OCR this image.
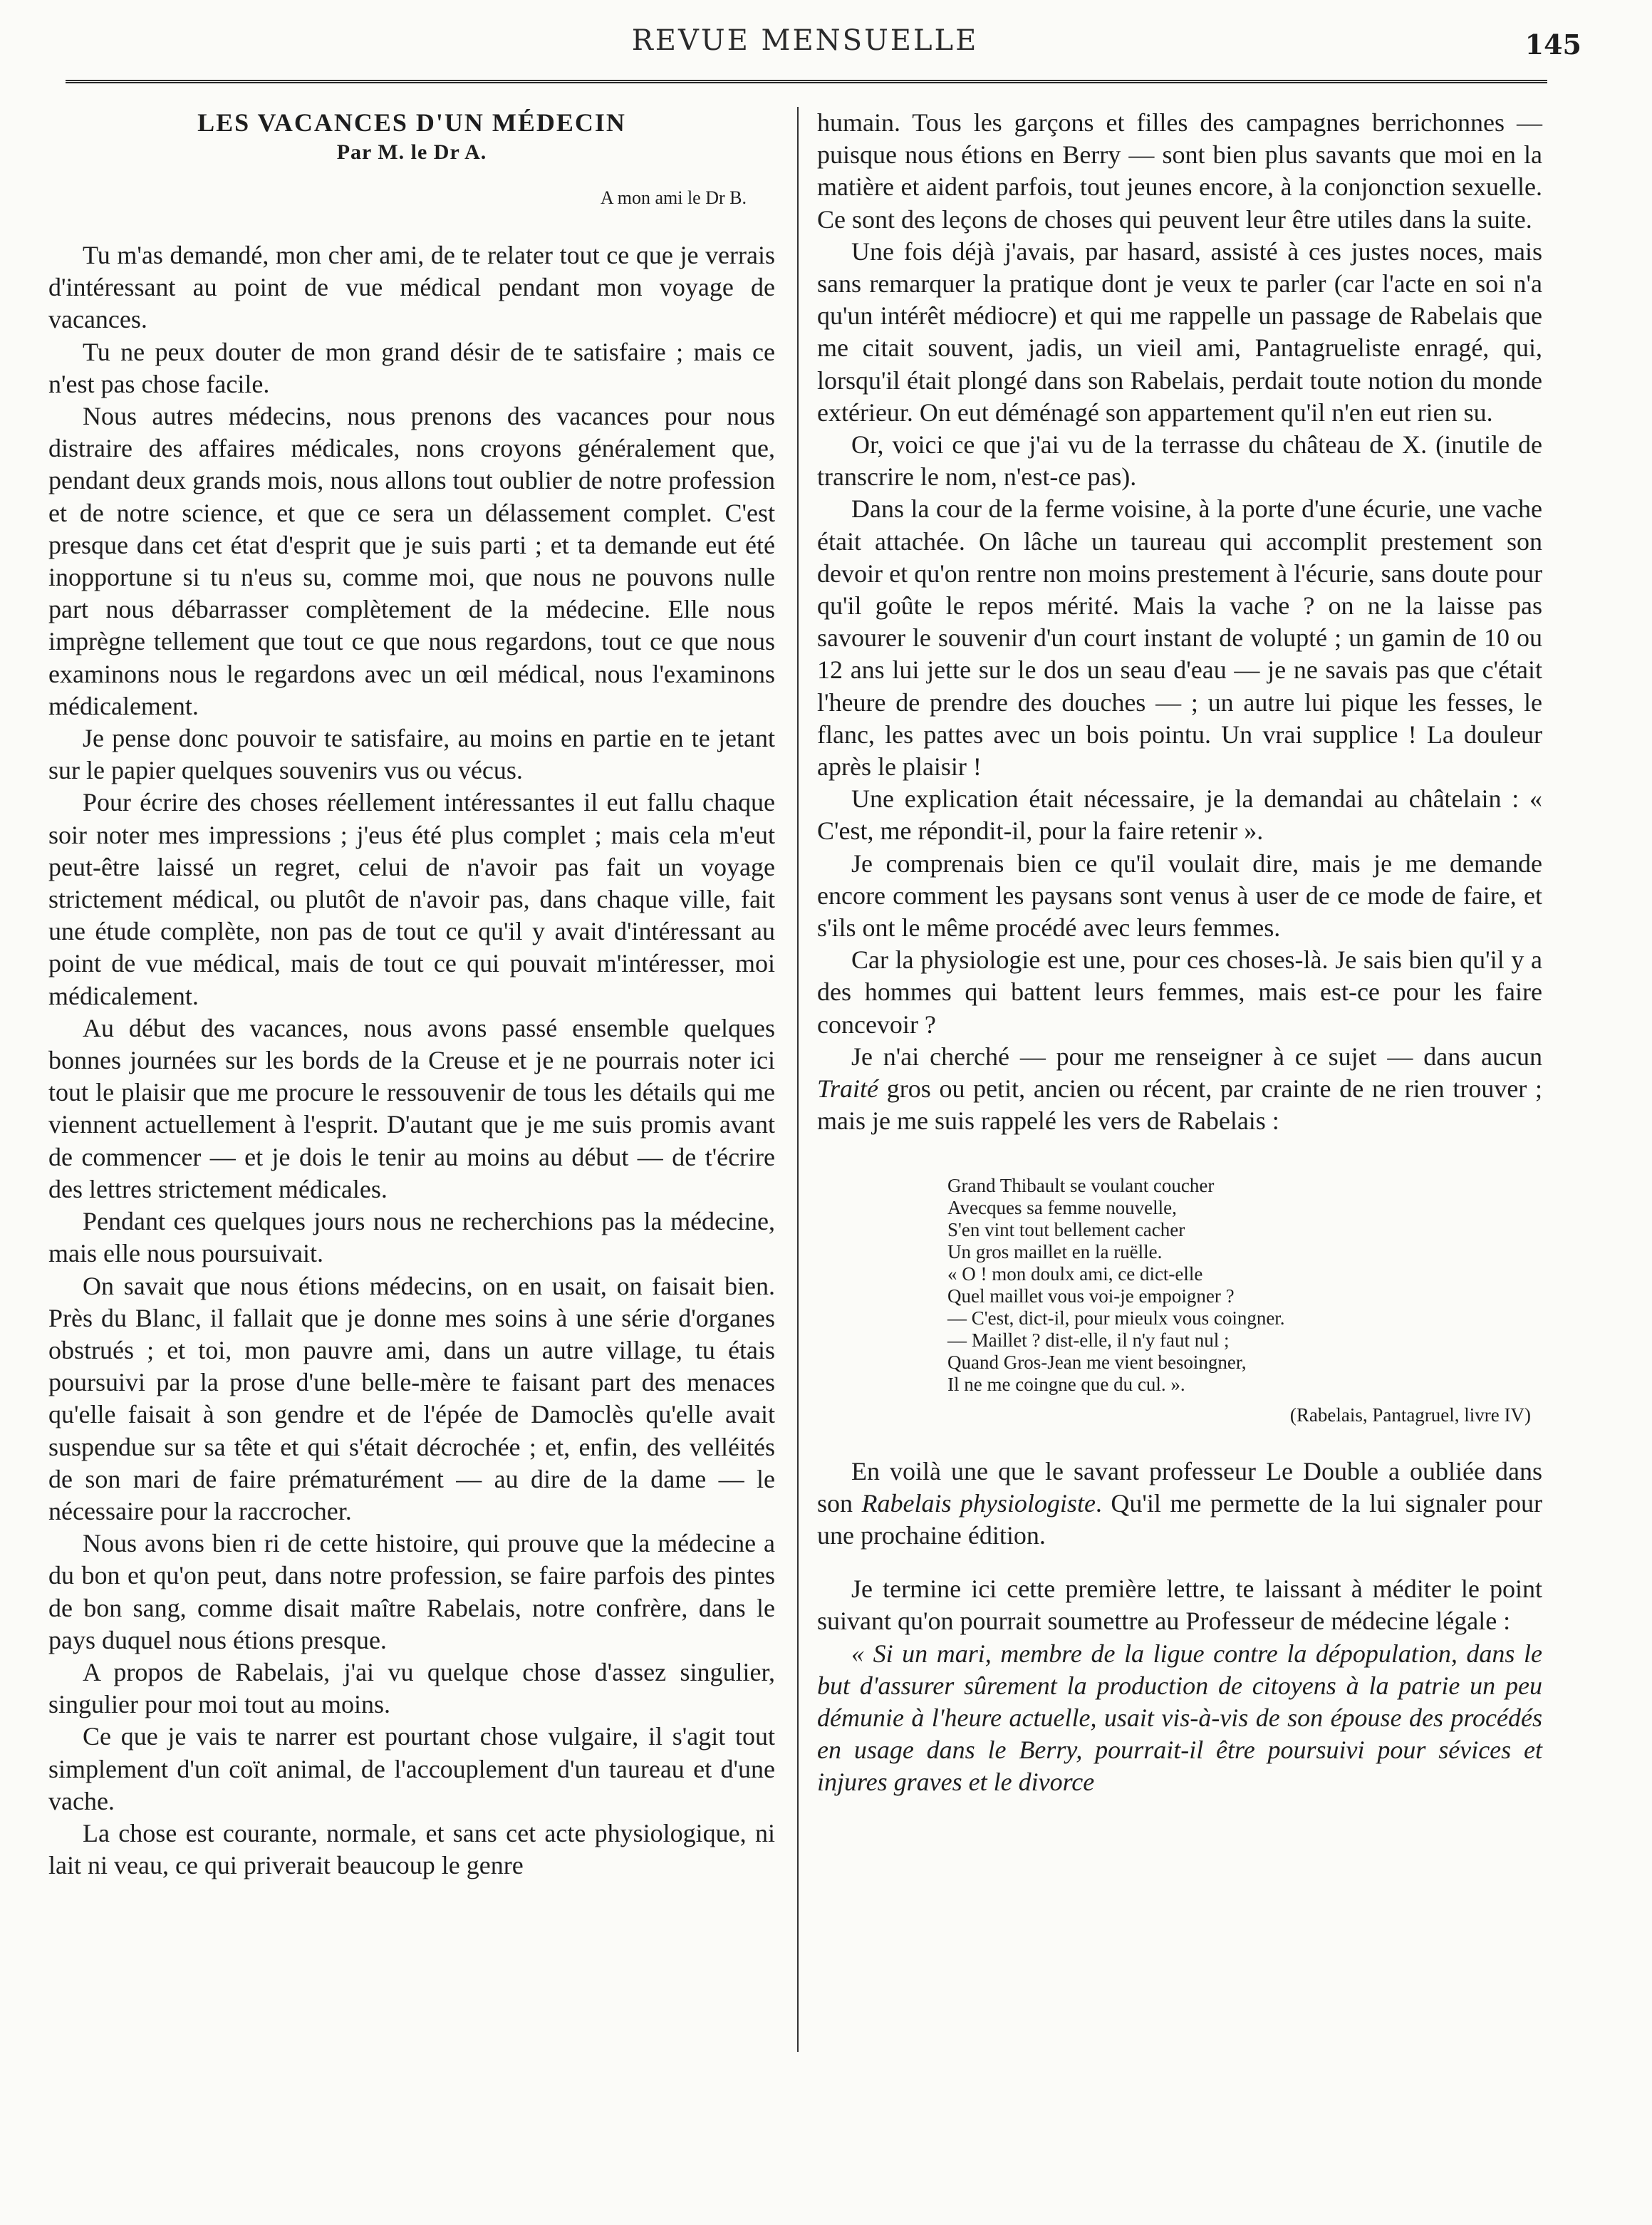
REVUE MENSUELLE	145
LES VACANCES D'UN MÉDECIN
Par M. le Dr A.
A mon ami le Dr B.

Tu m'as demandé, mon cher ami, de te relater tout ce que je verrais d'intéressant au point de vue médical pendant mon voyage de vacances.

Tu ne peux douter de mon grand désir de te satisfaire ; mais ce n'est pas chose facile.

Nous autres médecins, nous prenons des vacances pour nous distraire des affaires médicales, nons croyons généralement que, pendant deux grands mois, nous allons tout oublier de notre profession et de notre science, et que ce sera un délassement complet. C'est presque dans cet état d'esprit que je suis parti ; et ta demande eut été inopportune si tu n'eus su, comme moi, que nous ne pouvons nulle part nous débarrasser complètement de la médecine. Elle nous imprègne tellement que tout ce que nous regardons, tout ce que nous examinons nous le regardons avec un œil médical, nous l'examinons médicalement.

Je pense donc pouvoir te satisfaire, au moins en partie en te jetant sur le papier quelques souvenirs vus ou vécus.

Pour écrire des choses réellement intéressantes il eut fallu chaque soir noter mes impressions ; j'eus été plus complet ; mais cela m'eut peut-être laissé un regret, celui de n'avoir pas fait un voyage strictement médical, ou plutôt de n'avoir pas, dans chaque ville, fait une étude complète, non pas de tout ce qu'il y avait d'intéressant au point de vue médical, mais de tout ce qui pouvait m'intéresser, moi médicalement.

Au début des vacances, nous avons passé ensemble quelques bonnes journées sur les bords de la Creuse et je ne pourrais noter ici tout le plaisir que me procure le ressouvenir de tous les détails qui me viennent actuellement à l'esprit. D'autant que je me suis promis avant de commencer — et je dois le tenir au moins au début — de t'écrire des lettres strictement médicales.

Pendant ces quelques jours nous ne recherchions pas la médecine, mais elle nous poursuivait.

On savait que nous étions médecins, on en usait, on faisait bien. Près du Blanc, il fallait que je donne mes soins à une série d'organes obstrués ; et toi, mon pauvre ami, dans un autre village, tu étais poursuivi par la prose d'une belle-mère te faisant part des menaces qu'elle faisait à son gendre et de l'épée de Damoclès qu'elle avait suspendue sur sa tête et qui s'était décrochée ; et, enfin, des velléités de son mari de faire prématurément — au dire de la dame — le nécessaire pour la raccrocher.

Nous avons bien ri de cette histoire, qui prouve que la médecine a du bon et qu'on peut, dans notre profession, se faire parfois des pintes de bon sang, comme disait maître Rabelais, notre confrère, dans le pays duquel nous étions presque.

A propos de Rabelais, j'ai vu quelque chose d'assez singulier, singulier pour moi tout au moins.

Ce que je vais te narrer est pourtant chose vulgaire, il s'agit tout simplement d'un coït animal, de l'accouplement d'un taureau et d'une vache.

La chose est courante, normale, et sans cet acte physiologique, ni lait ni veau, ce qui priverait beaucoup le genre

humain. Tous les garçons et filles des campagnes berrichonnes — puisque nous étions en Berry — sont bien plus savants que moi en la matière et aident parfois, tout jeunes encore, à la conjonction sexuelle. Ce sont des leçons de choses qui peuvent leur être utiles dans la suite.

Une fois déjà j'avais, par hasard, assisté à ces justes noces, mais sans remarquer la pratique dont je veux te parler (car l'acte en soi n'a qu'un intérêt médiocre) et qui me rappelle un passage de Rabelais que me citait souvent, jadis, un vieil ami, Pantagrueliste enragé, qui, lorsqu'il était plongé dans son Rabelais, perdait toute notion du monde extérieur. On eut déménagé son appartement qu'il n'en eut rien su.

Or, voici ce que j'ai vu de la terrasse du château de X. (inutile de transcrire le nom, n'est-ce pas).

Dans la cour de la ferme voisine, à la porte d'une écurie, une vache était attachée. On lâche un taureau qui accomplit prestement son devoir et qu'on rentre non moins prestement à l'écurie, sans doute pour qu'il goûte le repos mérité. Mais la vache ? on ne la laisse pas savourer le souvenir d'un court instant de volupté ; un gamin de 10 ou 12 ans lui jette sur le dos un seau d'eau — je ne savais pas que c'était l'heure de prendre des douches — ; un autre lui pique les fesses, le flanc, les pattes avec un bois pointu. Un vrai supplice ! La douleur après le plaisir !

Une explication était nécessaire, je la demandai au châtelain : « C'est, me répondit-il, pour la faire retenir ».

Je comprenais bien ce qu'il voulait dire, mais je me demande encore comment les paysans sont venus à user de ce mode de faire, et s'ils ont le même procédé avec leurs femmes.

Car la physiologie est une, pour ces choses-là. Je sais bien qu'il y a des hommes qui battent leurs femmes, mais est-ce pour les faire concevoir ?

Je n'ai cherché — pour me renseigner à ce sujet — dans aucun Traité gros ou petit, ancien ou récent, par crainte de ne rien trouver ; mais je me suis rappelé les vers de Rabelais :

Grand Thibault se voulant coucher
Avecques sa femme nouvelle,
S'en vint tout bellement cacher
Un gros maillet en la ruëlle.
« O ! mon doulx ami, ce dict-elle
Quel maillet vous voi-je empoigner ?
— C'est, dict-il, pour mieulx vous coingner.
— Maillet ? dist-elle, il n'y faut nul ;
Quand Gros-Jean me vient besoingner,
Il ne me coingne que du cul. ».
(Rabelais, Pantagruel, livre IV)

En voilà une que le savant professeur Le Double a oubliée dans son Rabelais physiologiste. Qu'il me permette de la lui signaler pour une prochaine édition.

Je termine ici cette première lettre, te laissant à méditer le point suivant qu'on pourrait soumettre au Professeur de médecine légale :

« Si un mari, membre de la ligue contre la dépopulation, dans le but d'assurer sûrement la production de citoyens à la patrie un peu démunie à l'heure actuelle, usait vis-à-vis de son épouse des procédés en usage dans le Berry, pourrait-il être poursuivi pour sévices et injures graves et le divorce
